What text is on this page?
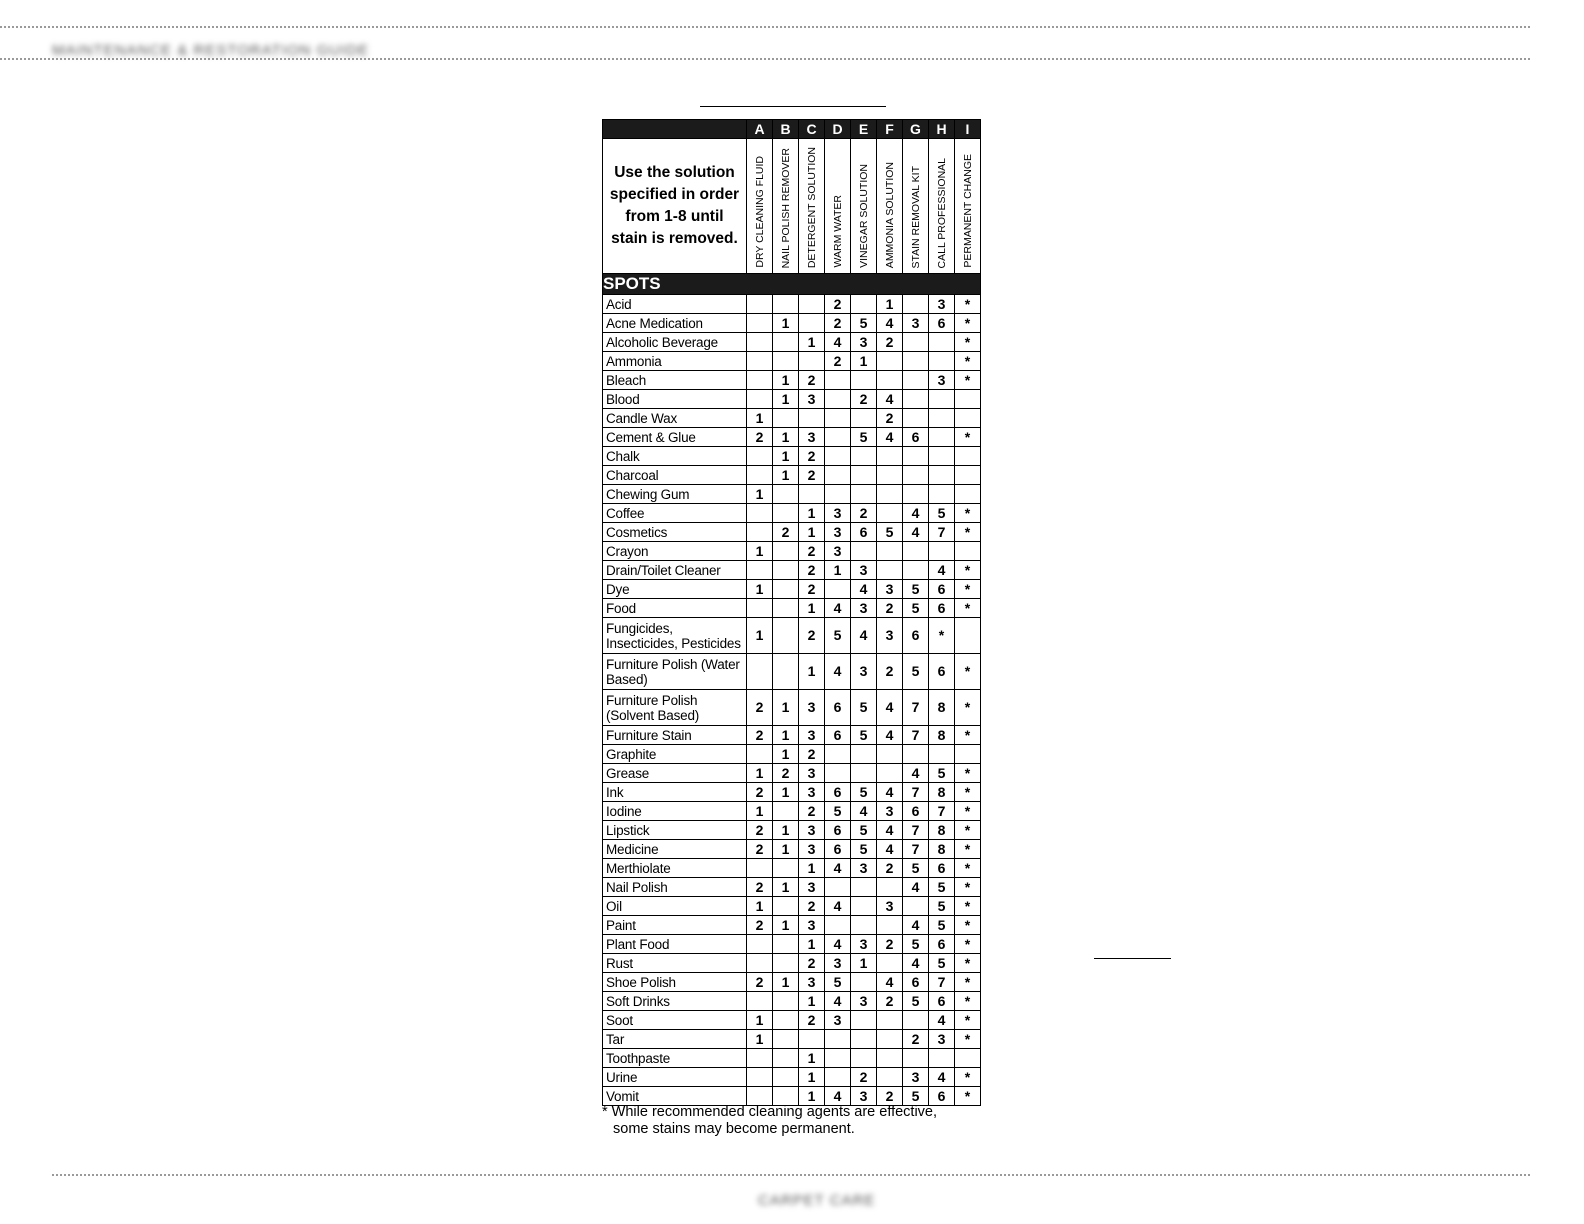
MAINTENANCE & RESTORATION GUIDE
CARPET CARE
	A	B	C	D	E	F	G	H	I
Use the solution specified in order from 1-8 until stain is removed.	DRY CLEANING FLUID	NAIL POLISH REMOVER	DETERGENT SOLUTION	WARM WATER	VINEGAR SOLUTION	AMMONIA SOLUTION	STAIN REMOVAL KIT	CALL PROFESSIONAL	PERMANENT CHANGE
SPOTS									
Acid				2		1		3	*
Acne Medication		1		2	5	4	3	6	*
Alcoholic Beverage			1	4	3	2			*
Ammonia				2	1				*
Bleach		1	2					3	*
Blood		1	3		2	4			
Candle Wax	1					2			
Cement & Glue	2	1	3		5	4	6		*
Chalk		1	2						
Charcoal		1	2						
Chewing Gum	1								
Coffee			1	3	2		4	5	*
Cosmetics		2	1	3	6	5	4	7	*
Crayon	1		2	3					
Drain/Toilet Cleaner			2	1	3			4	*
Dye	1		2		4	3	5	6	*
Food			1	4	3	2	5	6	*
Fungicides, Insecticides, Pesticides	1		2	5	4	3	6	*	
Furniture Polish (Water Based)			1	4	3	2	5	6	*
Furniture Polish (Solvent Based)	2	1	3	6	5	4	7	8	*
Furniture Stain	2	1	3	6	5	4	7	8	*
Graphite		1	2						
Grease	1	2	3				4	5	*
Ink	2	1	3	6	5	4	7	8	*
Iodine	1		2	5	4	3	6	7	*
Lipstick	2	1	3	6	5	4	7	8	*
Medicine	2	1	3	6	5	4	7	8	*
Merthiolate			1	4	3	2	5	6	*
Nail Polish	2	1	3				4	5	*
Oil	1		2	4		3		5	*
Paint	2	1	3				4	5	*
Plant Food			1	4	3	2	5	6	*
Rust			2	3	1		4	5	*
Shoe Polish	2	1	3	5		4	6	7	*
Soft Drinks			1	4	3	2	5	6	*
Soot	1		2	3				4	*
Tar	1						2	3	*
Toothpaste			1						
Urine			1		2		3	4	*
Vomit			1	4	3	2	5	6	*
* While recommended cleaning agents are effective,
some stains may become permanent.
